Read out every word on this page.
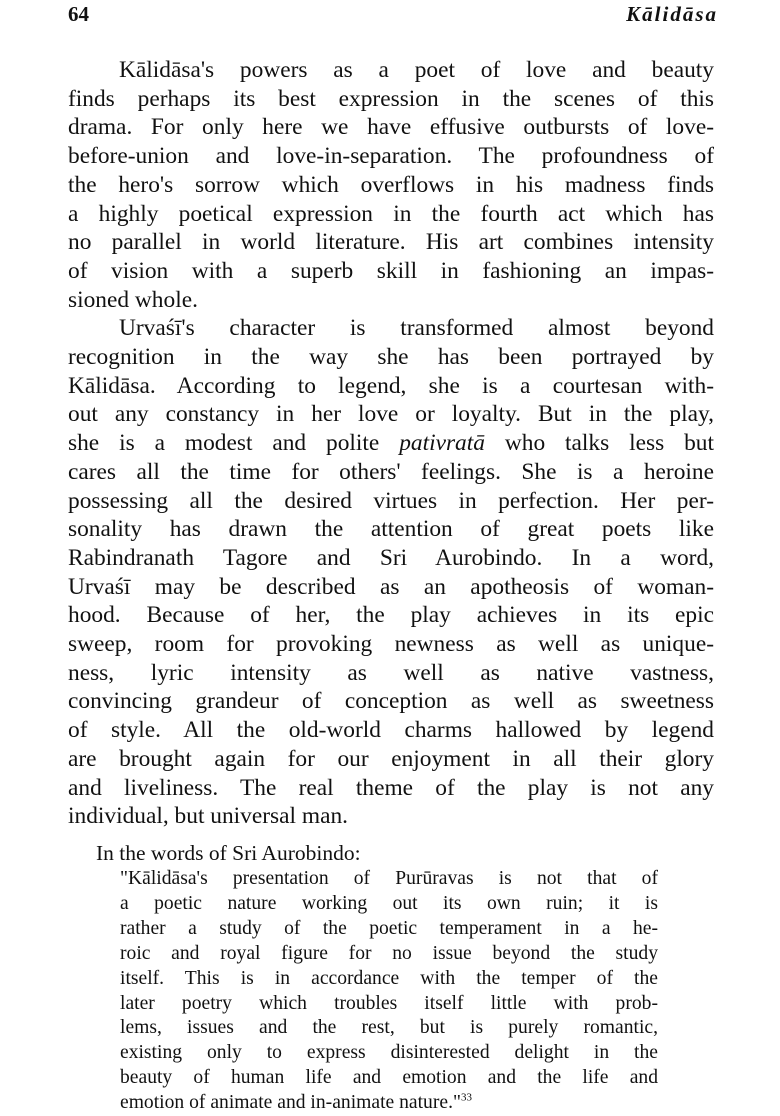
64	Kālidāsa
Kālidāsa's powers as a poet of love and beauty
finds perhaps its best expression in the scenes of this
drama. For only here we have effusive outbursts of love-
before-union and love-in-separation. The profoundness of
the hero's sorrow which overflows in his madness finds
a highly poetical expression in the fourth act which has
no parallel in world literature. His art combines intensity
of vision with a superb skill in fashioning an impas-
sioned whole.
Urvaśī's character is transformed almost beyond
recognition in the way she has been portrayed by
Kālidāsa. According to legend, she is a courtesan with-
out any constancy in her love or loyalty. But in the play,
she is a modest and polite pativratā who talks less but
cares all the time for others' feelings. She is a heroine
possessing all the desired virtues in perfection. Her per-
sonality has drawn the attention of great poets like
Rabindranath Tagore and Sri Aurobindo. In a word,
Urvaśī may be described as an apotheosis of woman-
hood. Because of her, the play achieves in its epic
sweep, room for provoking newness as well as unique-
ness, lyric intensity as well as native vastness,
convincing grandeur of conception as well as sweetness
of style. All the old-world charms hallowed by legend
are brought again for our enjoyment in all their glory
and liveliness. The real theme of the play is not any
individual, but universal man.
In the words of Sri Aurobindo:
"Kālidāsa's presentation of Purūravas is not that of
a poetic nature working out its own ruin; it is
rather a study of the poetic temperament in a he-
roic and royal figure for no issue beyond the study
itself. This is in accordance with the temper of the
later poetry which troubles itself little with prob-
lems, issues and the rest, but is purely romantic,
existing only to express disinterested delight in the
beauty of human life and emotion and the life and
emotion of animate and in-animate nature."$^{33}$
